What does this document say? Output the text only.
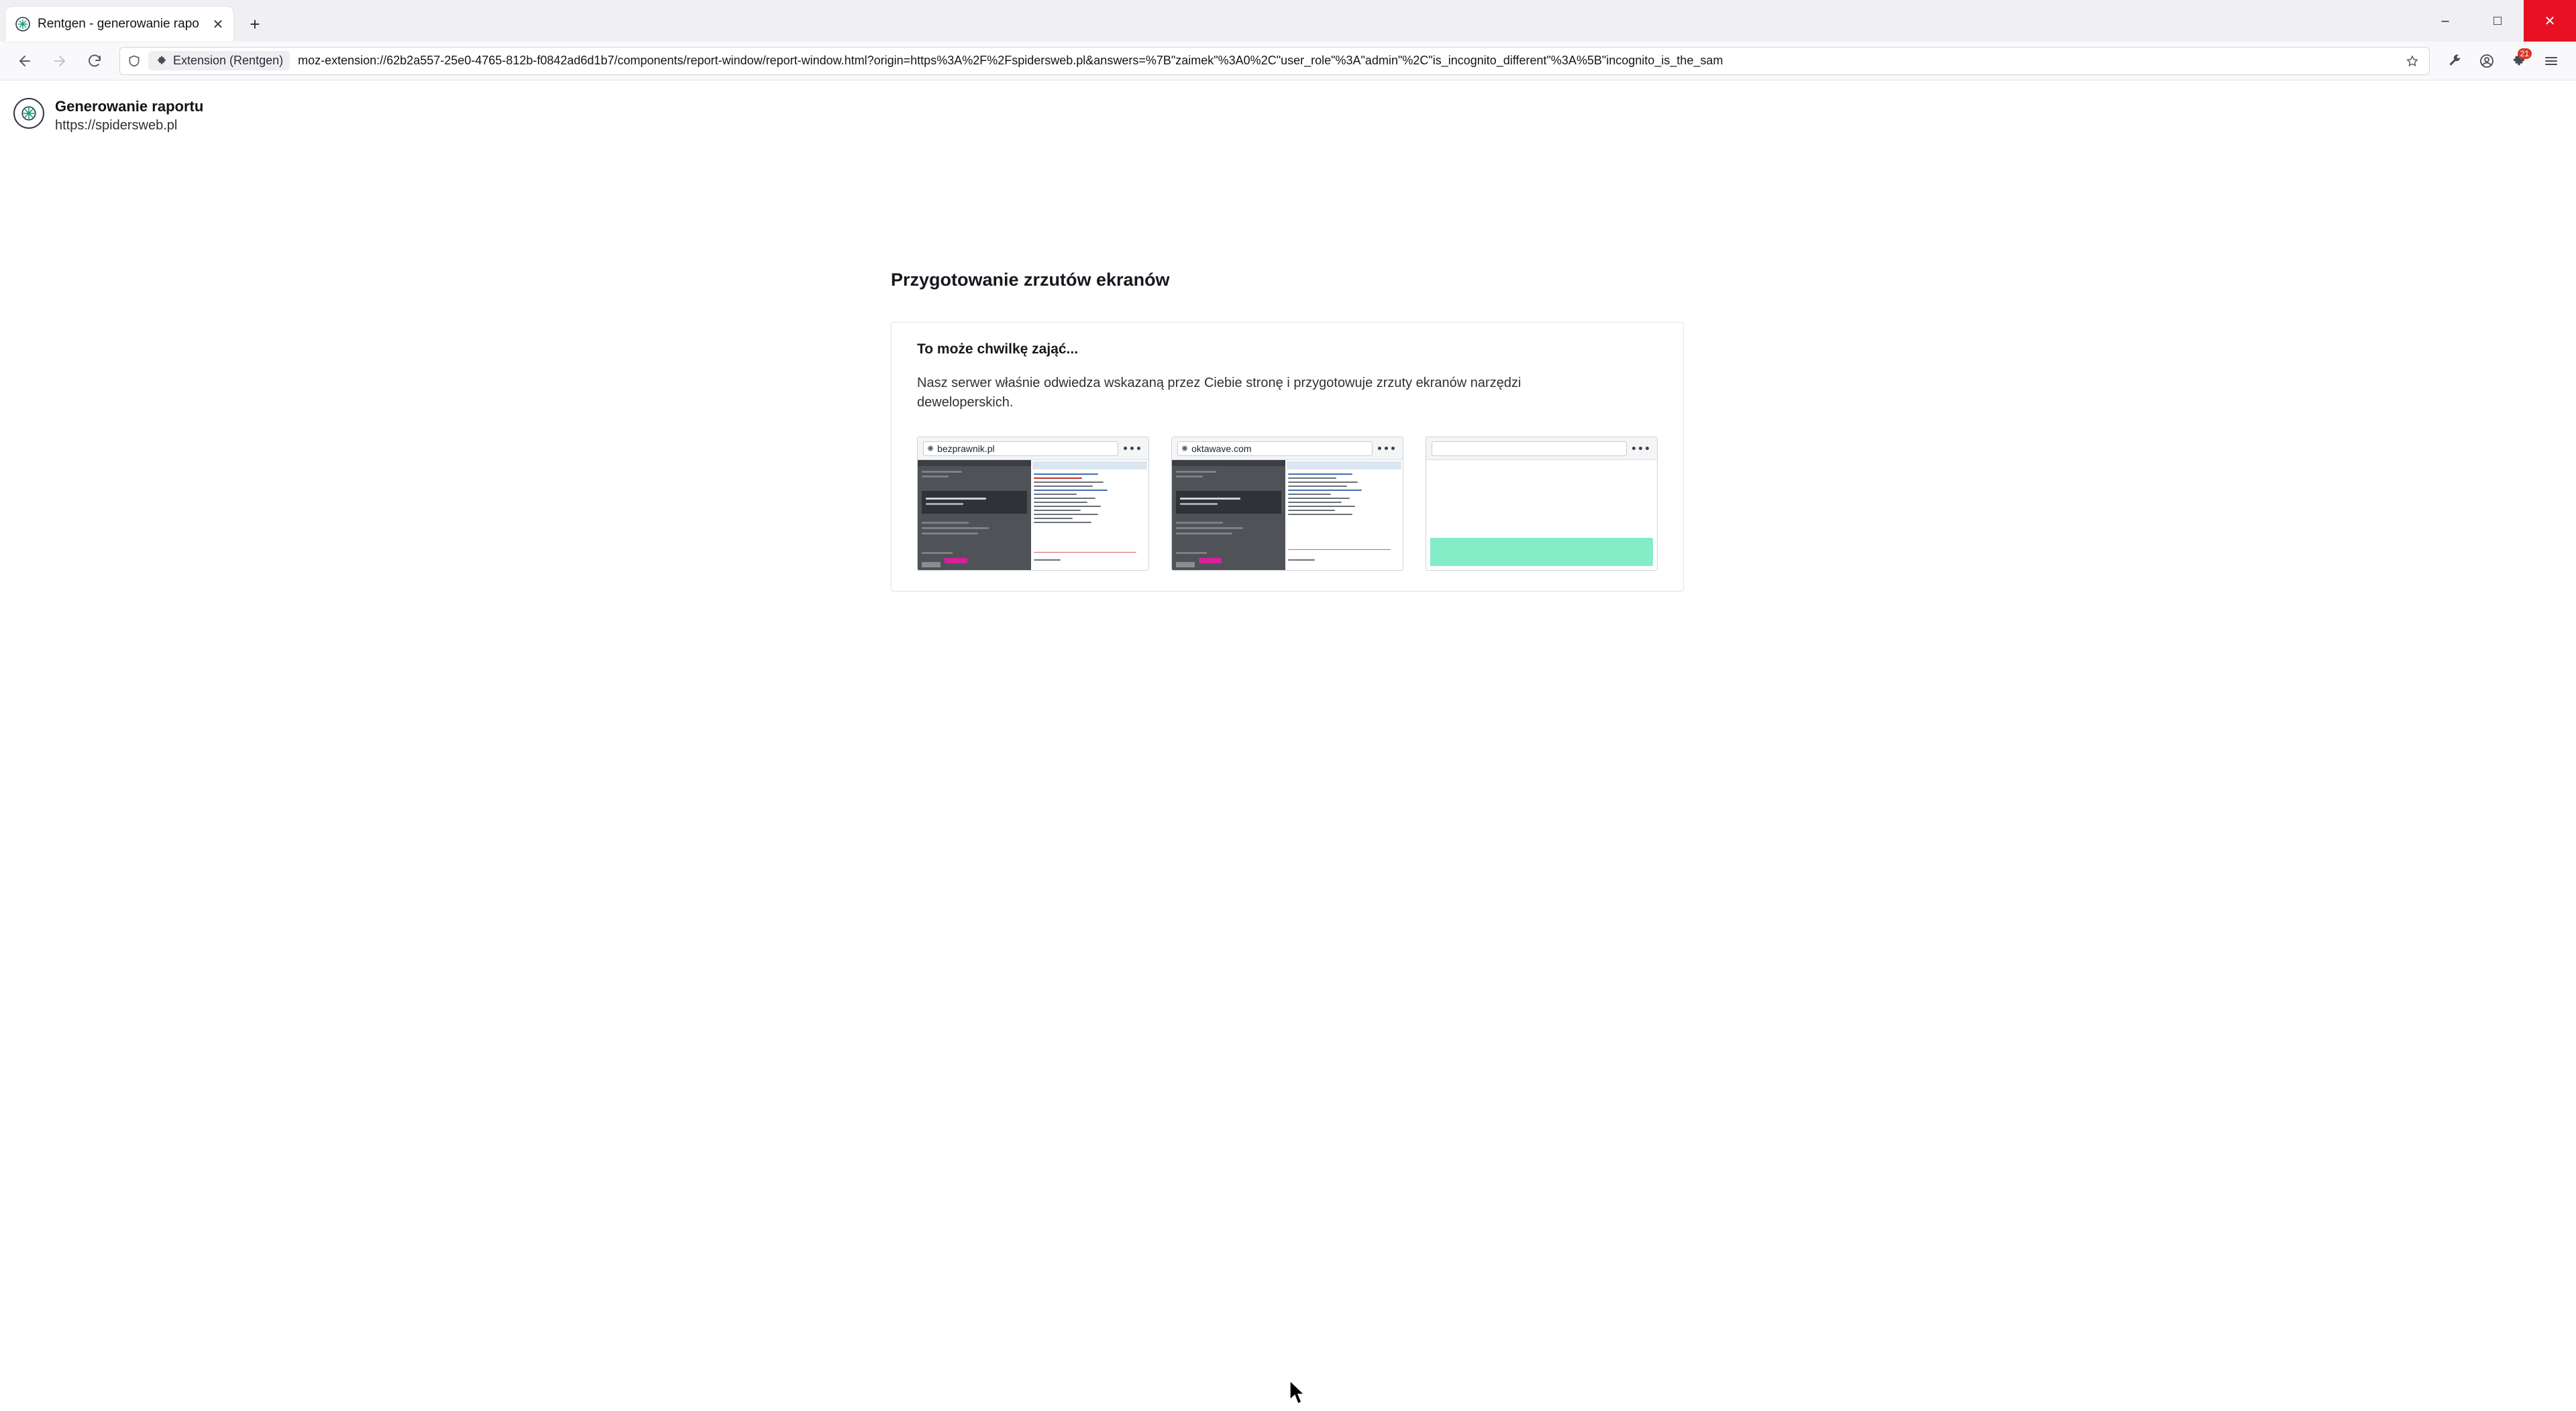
Rentgen - generowanie rapo ✕	+	–	□	✕
Extension (Rentgen) moz-extension://62b2a557-25e0-4765-812b-f0842ad6d1b7/components/report-window/report-window.html?origin=https%3A%2F%2Fspidersweb.pl&answers=%7B"zaimek"%3A0%2C"user_role"%3A"admin"%2C"is_incognito_different"%3A%5B"incognito_is_the_sam
21
Generowanie raportu
https://spidersweb.pl
Przygotowanie zrzutów ekranów
To może chwilkę zająć...
Nasz serwer właśnie odwiedza wskazaną przez Ciebie stronę i przygotowuje zrzuty ekranów narzędzi deweloperskich.
✺ bezprawnik.pl	✺ oktawave.com
